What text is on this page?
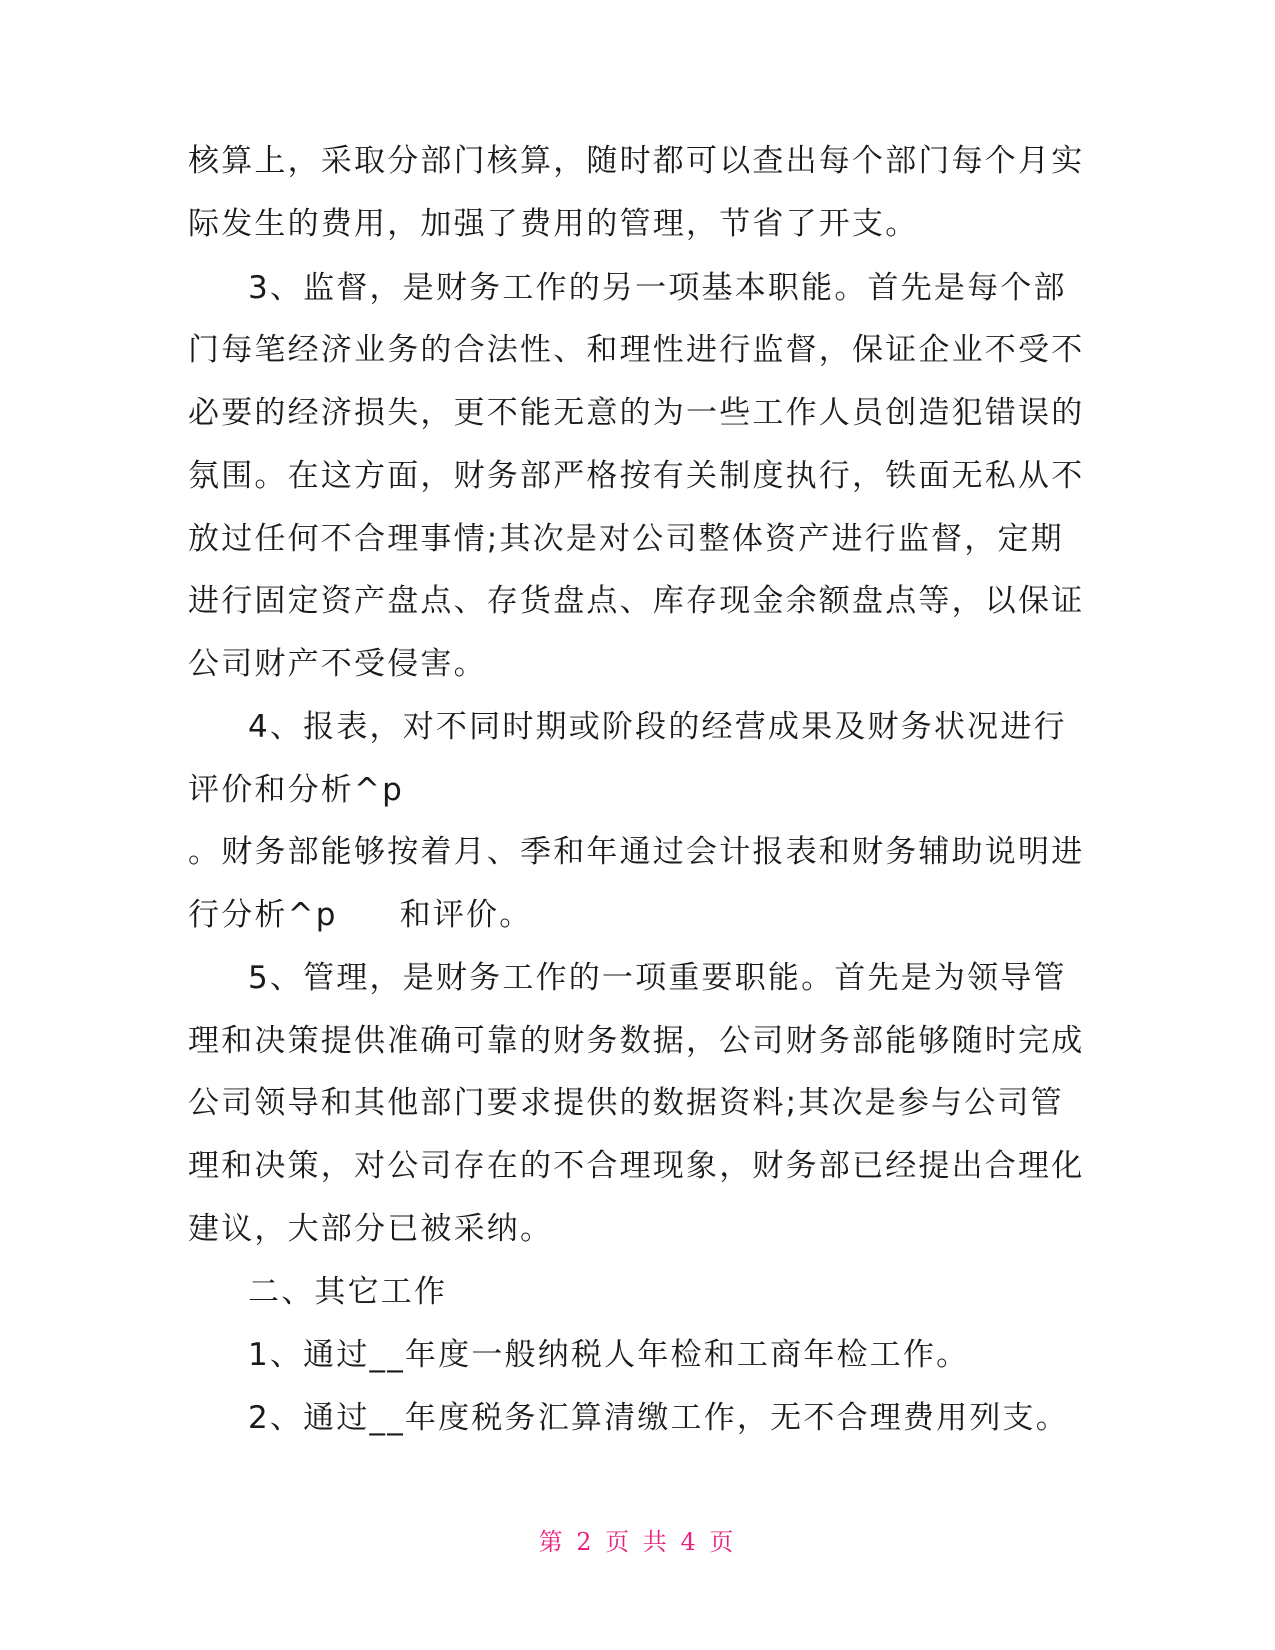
核算上，采取分部门核算，随时都可以查出每个部门每个月实
际发生的费用，加强了费用的管理，节省了开支。
3、监督，是财务工作的另一项基本职能。首先是每个部
门每笔经济业务的合法性、和理性进行监督，保证企业不受不
必要的经济损失，更不能无意的为一些工作人员创造犯错误的
氛围。在这方面，财务部严格按有关制度执行，铁面无私从不
放过任何不合理事情;其次是对公司整体资产进行监督，定期
进行固定资产盘点、存货盘点、库存现金余额盘点等，以保证
公司财产不受侵害。
4、报表，对不同时期或阶段的经营成果及财务状况进行
评价和分析^p
。财务部能够按着月、季和年通过会计报表和财务辅助说明进
行分析^p 和评价。
5、管理，是财务工作的一项重要职能。首先是为领导管
理和决策提供准确可靠的财务数据，公司财务部能够随时完成
公司领导和其他部门要求提供的数据资料;其次是参与公司管
理和决策，对公司存在的不合理现象，财务部已经提出合理化
建议，大部分已被采纳。
二、其它工作
1、通过__年度一般纳税人年检和工商年检工作。
2、通过__年度税务汇算清缴工作，无不合理费用列支。
第 2 页 共 4 页
